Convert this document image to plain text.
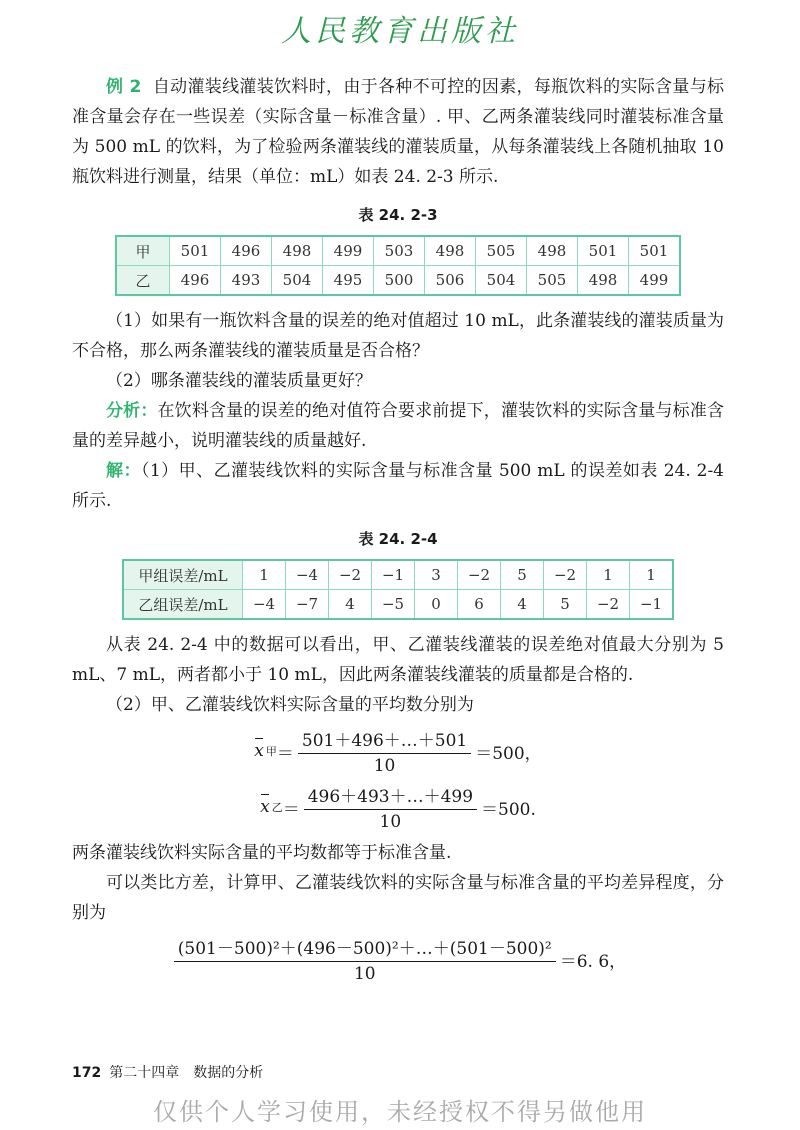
人民教育出版社

例 2 自动灌装线灌装饮料时，由于各种不可控的因素，每瓶饮料的实际含量与标准含量会存在一些误差（实际含量－标准含量）. 甲、乙两条灌装线同时灌装标准含量为 500 mL 的饮料，为了检验两条灌装线的灌装质量，从每条灌装线上各随机抽取 10 瓶饮料进行测量，结果（单位：mL）如表 24. 2-3 所示.

表 24. 2-3
甲	501	496	498	499	503	498	505	498	501	501
乙	496	493	504	495	500	506	504	505	498	499

（1）如果有一瓶饮料含量的误差的绝对值超过 10 mL，此条灌装线的灌装质量为不合格，那么两条灌装线的灌装质量是否合格？

（2）哪条灌装线的灌装质量更好？

分析：在饮料含量的误差的绝对值符合要求前提下，灌装饮料的实际含量与标准含量的差异越小，说明灌装线的质量越好.

解：（1）甲、乙灌装线饮料的实际含量与标准含量 500 mL 的误差如表 24. 2-4 所示.

表 24. 2-4
甲组误差/mL	1	−4	−2	−1	3	−2	5	−2	1	1
乙组误差/mL	−4	−7	4	−5	0	6	4	5	−2	−1

从表 24. 2-4 中的数据可以看出，甲、乙灌装线灌装的误差绝对值最大分别为 5 mL、7 mL，两者都小于 10 mL，因此两条灌装线灌装的质量都是合格的.

（2）甲、乙灌装线饮料实际含量的平均数分别为

x 甲 ＝ $\frac{501+496+\dots+501}{10} =500$，
x 乙 ＝ $\frac{496+493+\dots+499}{10} =500$.

两条灌装线饮料实际含量的平均数都等于标准含量.

可以类比方差，计算甲、乙灌装线饮料的实际含量与标准含量的平均差异程度，分别为

$\frac{\text{(501－500)²＋(496－500)²＋…＋(501－500)²}}{10} =6$. 6，
172 第二十四章　数据的分析
仅供个人学习使用，未经授权不得另做他用
